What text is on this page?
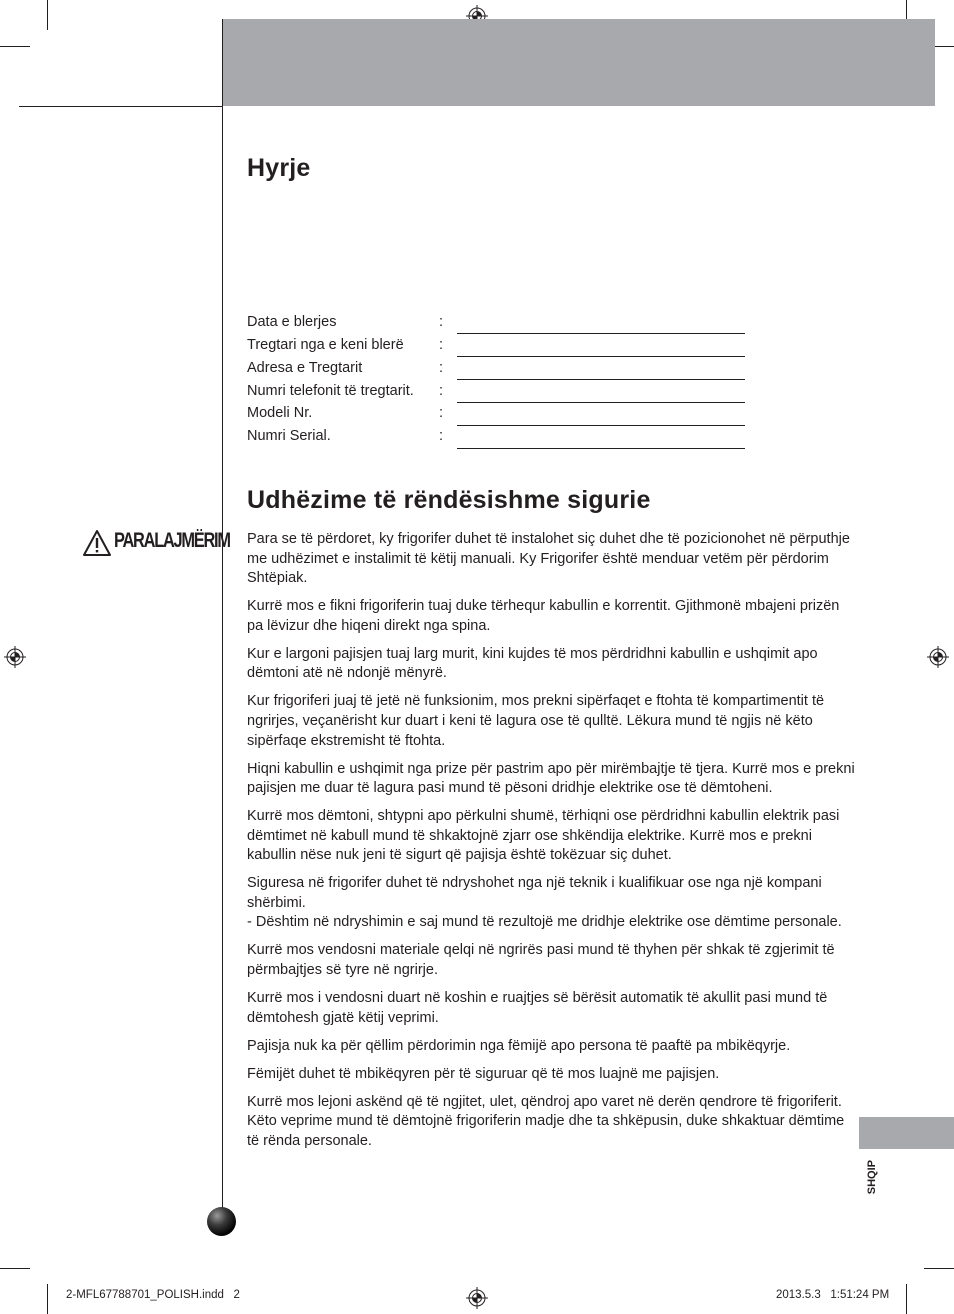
Hyrje
Data e blerjes	:
Tregtari nga e keni blerë :
Adresa e Tregtarit	:
Numri telefonit të tregtarit. :
Modeli Nr.	:
Numri Serial.	:
Udhëzime të rëndësishme sigurie
PARALAJMËRIM Para se të përdoret, ky frigorifer duhet të instalohet siç duhet dhe të pozicionohet në përputhje me udhëzimet e instalimit të këtij manuali. Ky Frigorifer është menduar vetëm për përdorim Shtëpiak.

Kurrë mos e fikni frigoriferin tuaj duke tërhequr kabullin e korrentit. Gjithmonë mbajeni prizën pa lëvizur dhe hiqeni direkt nga spina.

Kur e largoni pajisjen tuaj larg murit, kini kujdes të mos përdridhni kabullin e ushqimit apo dëmtoni atë në ndonjë mënyrë.

Kur frigoriferi juaj të jetë në funksionim, mos prekni sipërfaqet e ftohta të kompartimentit të ngrirjes, veçanërisht kur duart i keni të lagura ose të qulltë. Lëkura mund të ngjis në këto sipërfaqe ekstremisht të ftohta.

Hiqni kabullin e ushqimit nga prize për pastrim apo për mirëmbajtje të tjera. Kurrë mos e prekni pajisjen me duar të lagura pasi mund të pësoni dridhje elektrike ose të dëmtoheni.

Kurrë mos dëmtoni, shtypni apo përkulni shumë, tërhiqni ose përdridhni kabullin elektrik pasi dëmtimet në kabull mund të shkaktojnë zjarr ose shkëndija elektrike. Kurrë mos e prekni kabullin nëse nuk jeni të sigurt që pajisja është tokëzuar siç duhet.

Siguresa në frigorifer duhet të ndryshohet nga një teknik i kualifikuar ose nga një kompani shërbimi.

- Dështim në ndryshimin e saj mund të rezultojë me dridhje elektrike ose dëmtime personale.

Kurrë mos vendosni materiale qelqi në ngrirës pasi mund të thyhen për shkak të zgjerimit të përmbajtjes së tyre në ngrirje.

Kurrë mos i vendosni duart në koshin e ruajtjes së bërësit automatik të akullit pasi mund të dëmtohesh gjatë këtij veprimi.

Pajisja nuk ka për qëllim përdorimin nga fëmijë apo persona të paaftë pa mbikëqyrje.

Fëmijët duhet të mbikëqyren për të siguruar që të mos luajnë me pajisjen.

Kurrë mos lejoni askënd që të ngjitet, ulet, qëndroj apo varet në derën qendrore të frigoriferit. Këto veprime mund të dëmtojnë frigoriferin madje dhe ta shkëpusin, duke shkaktuar dëmtime të rënda personale.

SHQIP
2-MFL67788701_POLISH.indd   2	2013.5.3   1:51:24 PM
